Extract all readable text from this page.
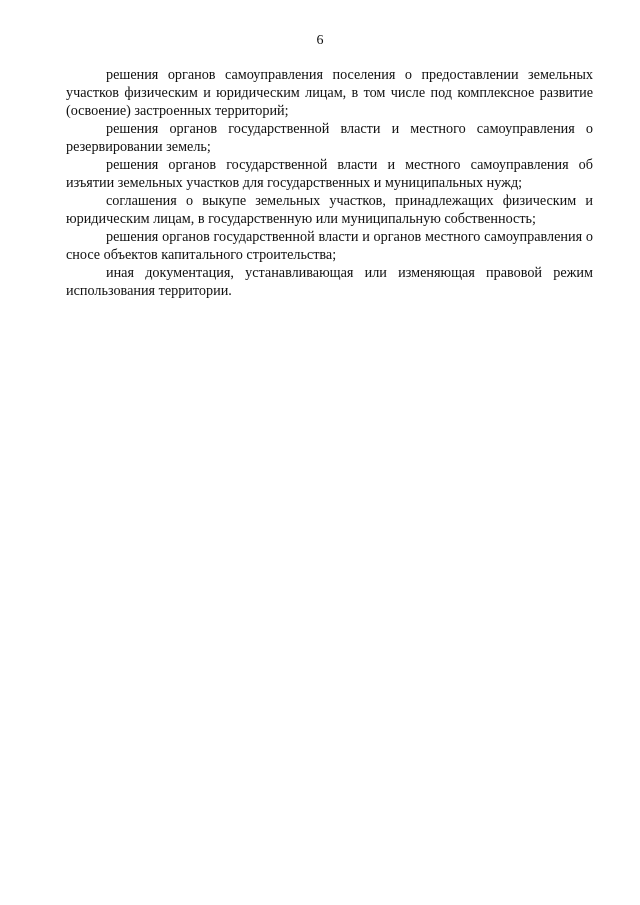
6

решения органов самоуправления поселения о предоставлении земельных участков физическим и юридическим лицам, в том числе под комплексное развитие (освоение) застроенных территорий;

решения органов государственной власти и местного самоуправления о резервировании земель;

решения органов государственной власти и местного самоуправления об изъятии земельных участков для государственных и муниципальных нужд;

соглашения о выкупе земельных участков, принадлежащих физическим и юридическим лицам, в государственную или муниципальную собственность;

решения органов государственной власти и органов местного самоуправления о сносе объектов капитального строительства;

иная документация, устанавливающая или изменяющая правовой режим использования территории.
